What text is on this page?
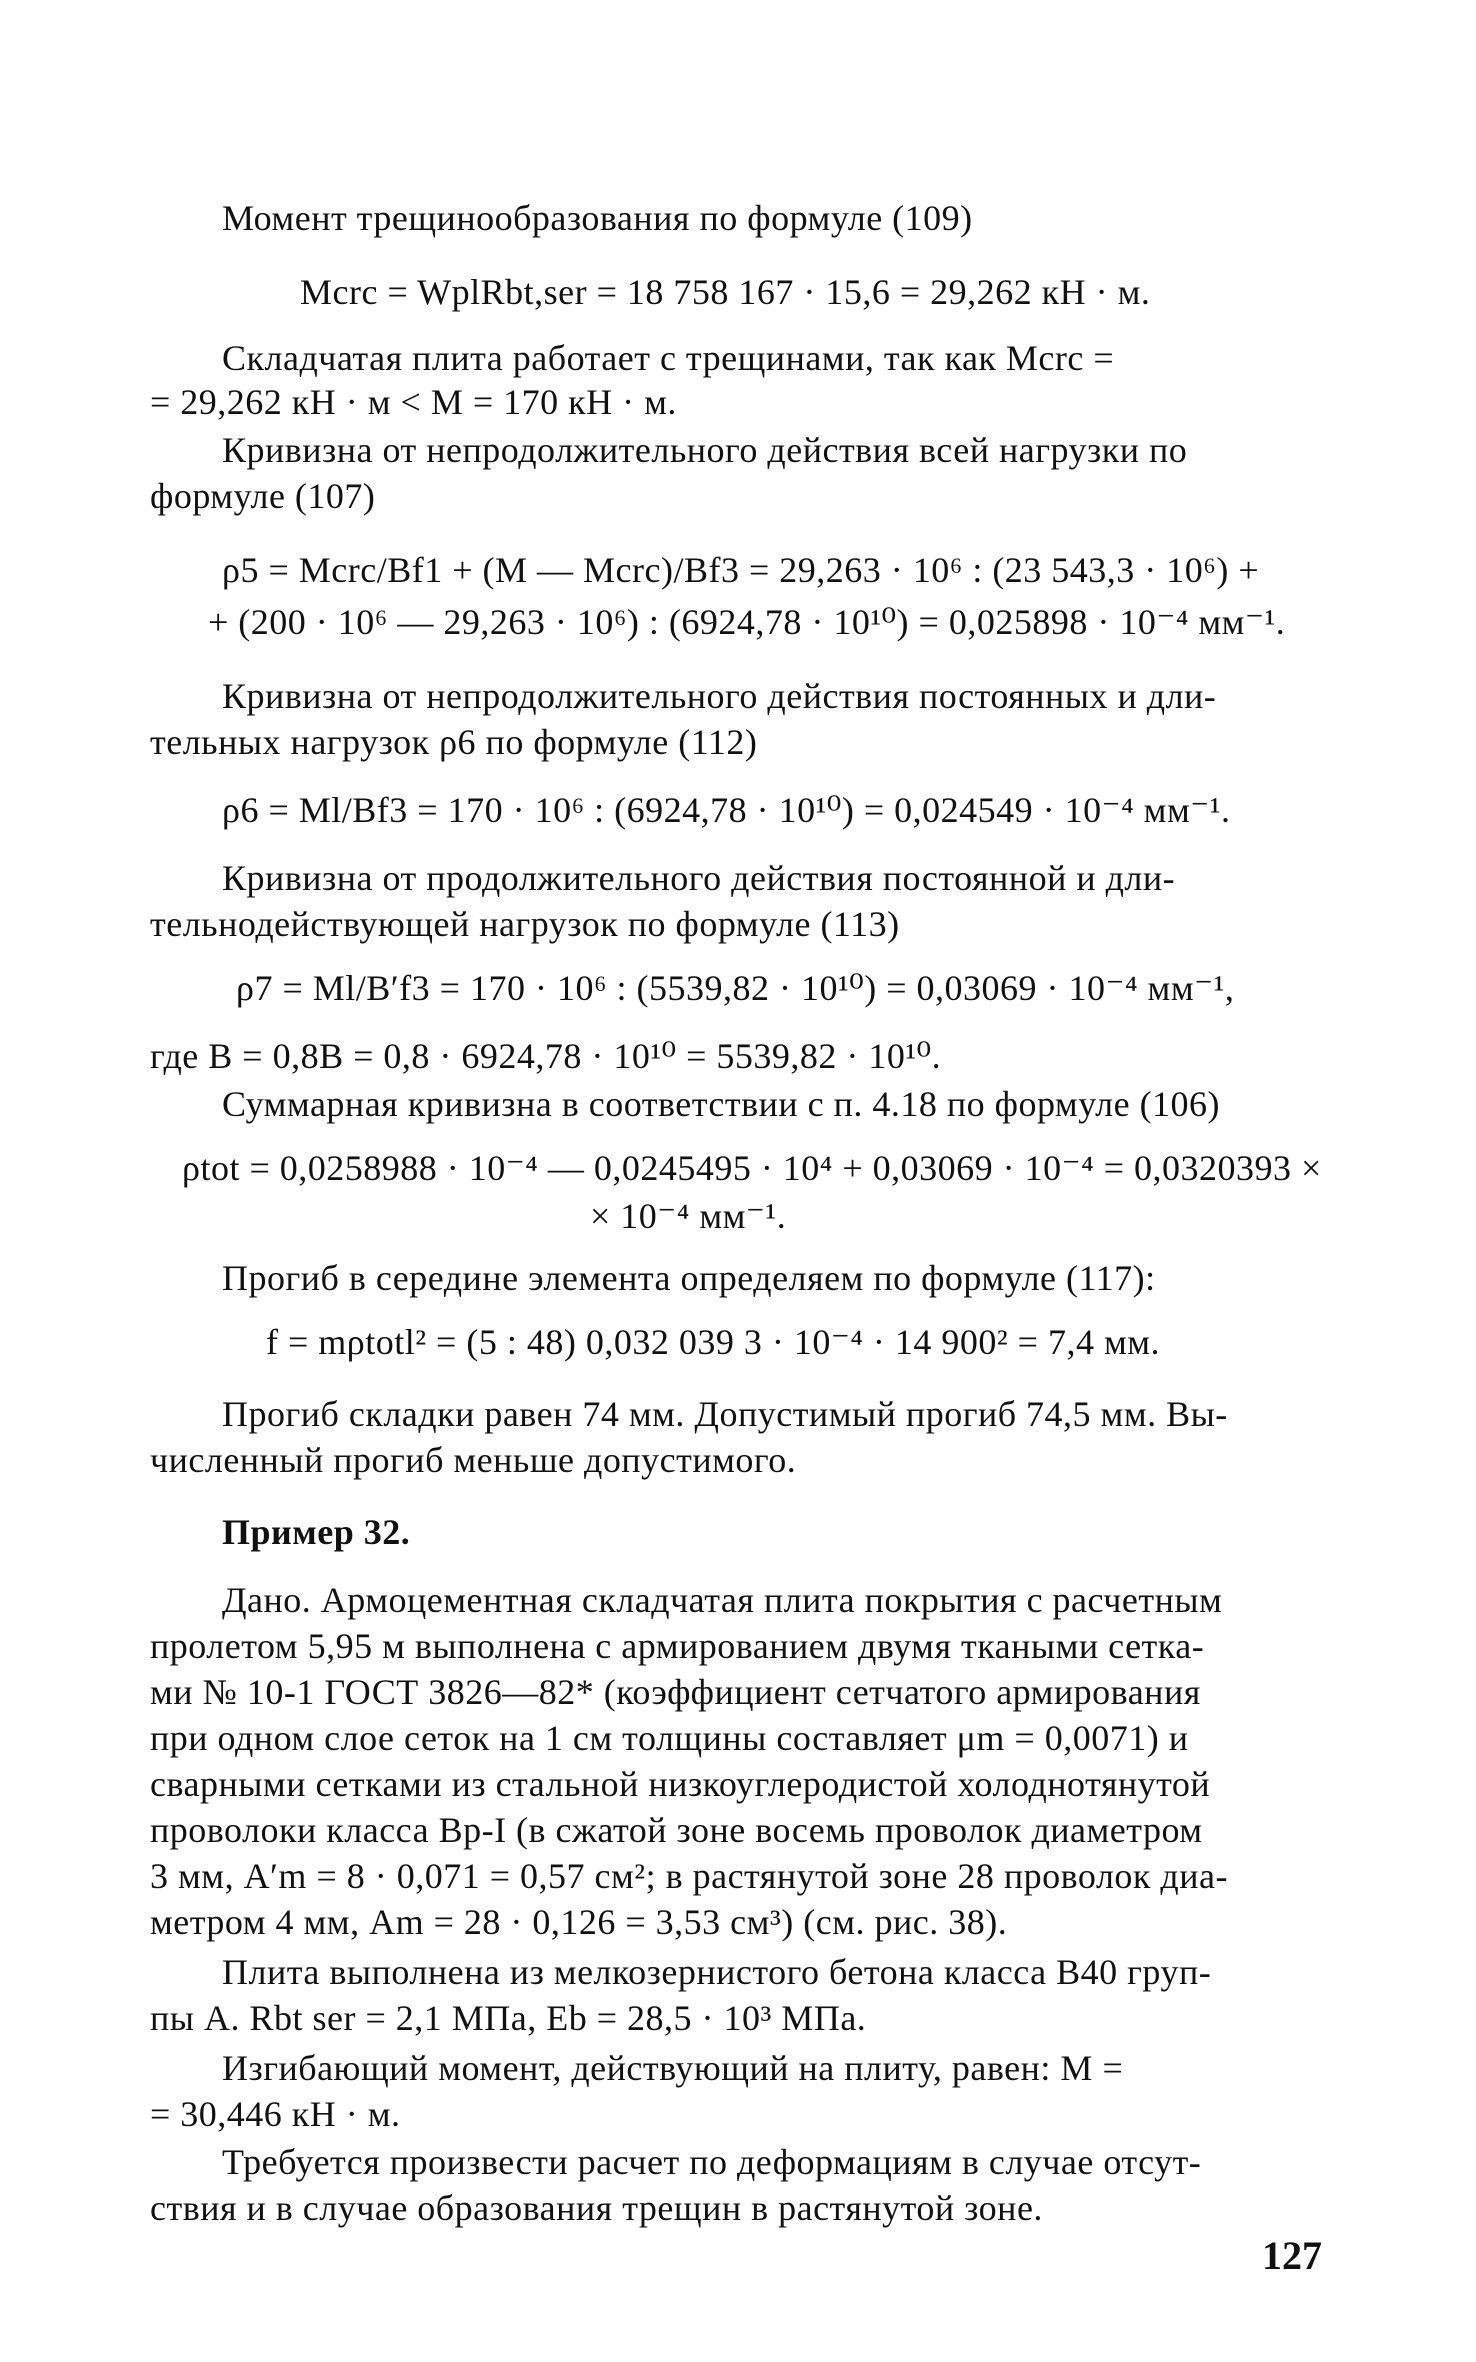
Момент трещинообразования по формуле (109)
Mcrc = WplRbt,ser = 18 758 167 · 15,6 = 29,262 кН · м.
Складчатая плита работает с трещинами, так как Mcrc =
= 29,262 кН · м < M = 170 кН · м.
Кривизна от непродолжительного действия всей нагрузки по
формуле (107)
ρ5 = Mcrc/Bf1 + (M — Mcrc)/Bf3 = 29,263 · 10⁶ : (23 543,3 · 10⁶) +
+ (200 · 10⁶ — 29,263 · 10⁶) : (6924,78 · 10¹⁰) = 0,025898 · 10⁻⁴ мм⁻¹.
Кривизна от непродолжительного действия постоянных и дли-
тельных нагрузок ρ6 по формуле (112)
ρ6 = Ml/Bf3 = 170 · 10⁶ : (6924,78 · 10¹⁰) = 0,024549 · 10⁻⁴ мм⁻¹.
Кривизна от продолжительного действия постоянной и дли-
тельнодействующей нагрузок по формуле (113)
ρ7 = Ml/B′f3 = 170 · 10⁶ : (5539,82 · 10¹⁰) = 0,03069 · 10⁻⁴ мм⁻¹,
где B = 0,8B = 0,8 · 6924,78 · 10¹⁰ = 5539,82 · 10¹⁰.
Суммарная кривизна в соответствии с п. 4.18 по формуле (106)
ρtot = 0,0258988 · 10⁻⁴ — 0,0245495 · 10⁴ + 0,03069 · 10⁻⁴ = 0,0320393 ×
× 10⁻⁴ мм⁻¹.
Прогиб в середине элемента определяем по формуле (117):
f = mρtotl² = (5 : 48) 0,032 039 3 · 10⁻⁴ · 14 900² = 7,4 мм.
Прогиб складки равен 74 мм. Допустимый прогиб 74,5 мм. Вы-
численный прогиб меньше допустимого.
Пример 32.
Дано. Армоцементная складчатая плита покрытия с расчетным
пролетом 5,95 м выполнена с армированием двумя ткаными сетка-
ми № 10-1 ГОСТ 3826—82* (коэффициент сетчатого армирования
при одном слое сеток на 1 см толщины составляет μm = 0,0071) и
сварными сетками из стальной низкоуглеродистой холоднотянутой
проволоки класса Вр-I (в сжатой зоне восемь проволок диаметром
3 мм, A′m = 8 · 0,071 = 0,57 см²; в растянутой зоне 28 проволок диа-
метром 4 мм, Am = 28 · 0,126 = 3,53 см³) (см. рис. 38).
Плита выполнена из мелкозернистого бетона класса В40 груп-
пы А. Rbt ser = 2,1 МПа, Eb = 28,5 · 10³ МПа.
Изгибающий момент, действующий на плиту, равен: M =
= 30,446 кН · м.
Требуется произвести расчет по деформациям в случае отсут-
ствия и в случае образования трещин в растянутой зоне.
127
